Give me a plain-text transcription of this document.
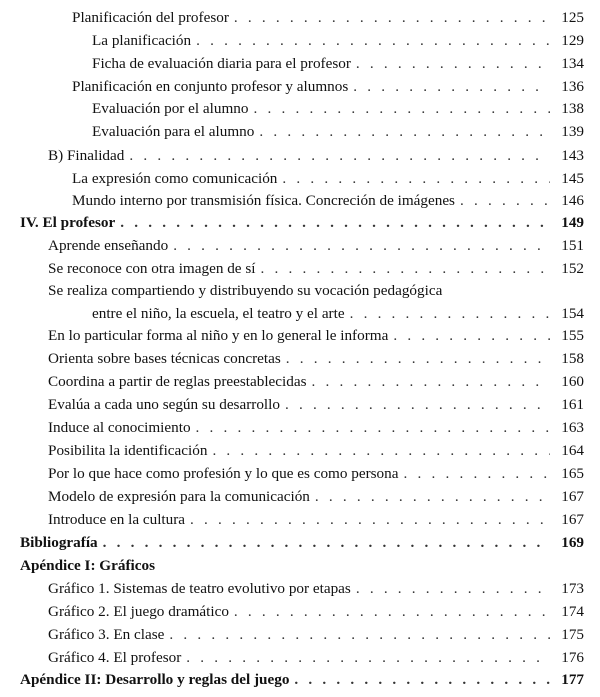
Planificación del profesor . . .	125
La planificación . . .	129
Ficha de evaluación diaria para el profesor . . .	134
Planificación en conjunto profesor y alumnos . . .	136
Evaluación por el alumno . . .	138
Evaluación para el alumno . . .	139
B) Finalidad . . .	143
La expresión como comunicación . . .	145
Mundo interno por transmisión física. Concreción de imágenes . . .	146
IV. El profesor . . .	149
Aprende enseñando . . .	151
Se reconoce con otra imagen de sí . . .	152
Se realiza compartiendo y distribuyendo su vocación pedagógica
entre el niño, la escuela, el teatro y el arte . . .	154
En lo particular forma al niño y en lo general le informa . . .	155
Orienta sobre bases técnicas concretas . . .	158
Coordina a partir de reglas preestablecidas . . .	160
Evalúa a cada uno según su desarrollo . . .	161
Induce al conocimiento . . .	163
Posibilita la identificación . . .	164
Por lo que hace como profesión y lo que es como persona . . .	165
Modelo de expresión para la comunicación . . .	167
Introduce en la cultura . . .	167
Bibliografía . . .	169
Apéndice I: Gráficos
Gráfico 1. Sistemas de teatro evolutivo por etapas . . .	173
Gráfico 2. El juego dramático . . .	174
Gráfico 3. En clase . . .	175
Gráfico 4. El profesor . . .	176
Apéndice II: Desarrollo y reglas del juego . . .	177
